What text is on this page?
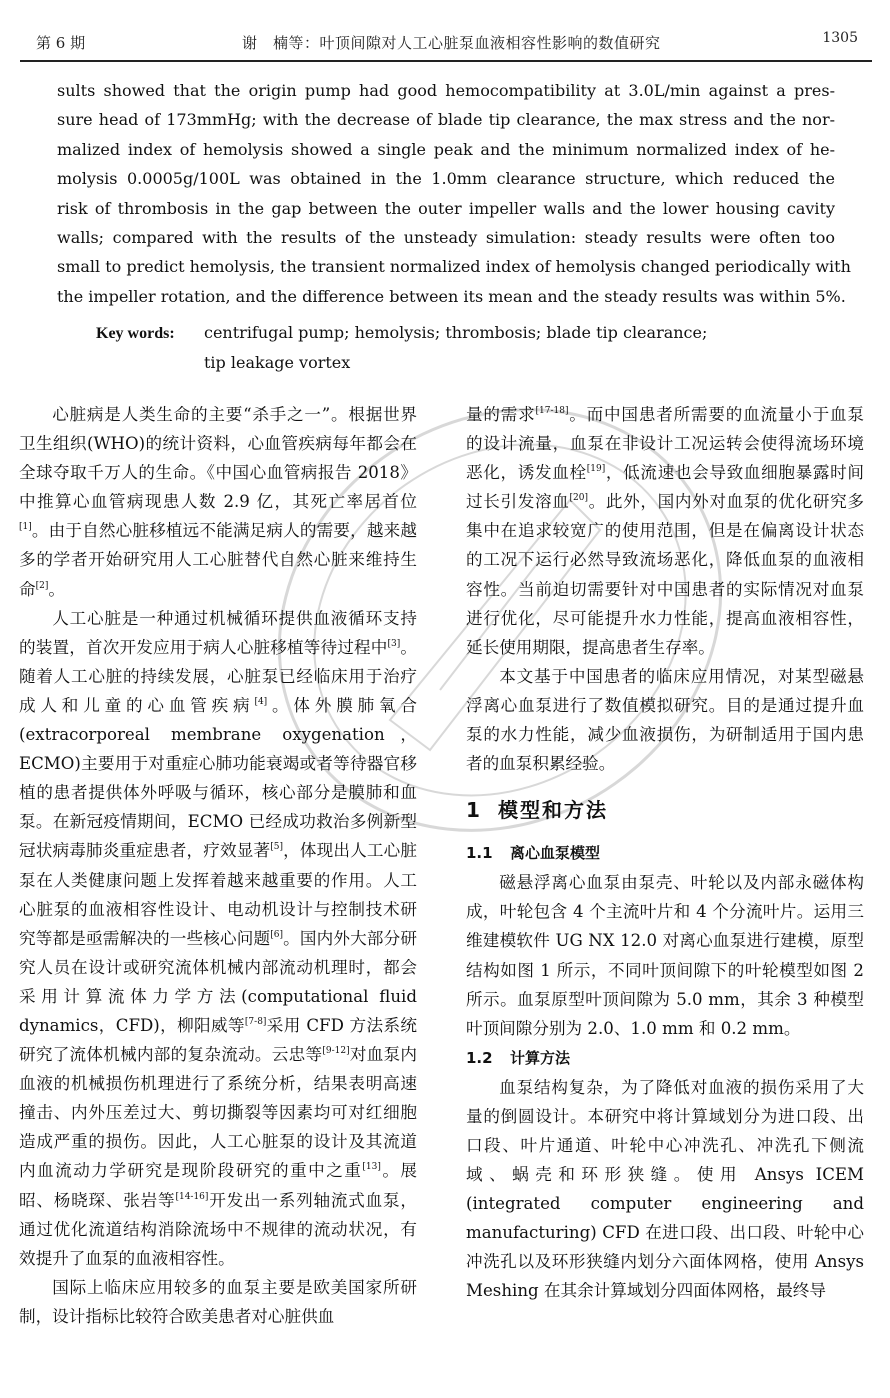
第 6 期	谢　楠等：叶顶间隙对人工心脏泵血液相容性影响的数值研究	1305
sults showed that the origin pump had good hemocompatibility at 3.0L/min against a pres-
sure head of 173mmHg; with the decrease of blade tip clearance, the max stress and the nor-
malized index of hemolysis showed a single peak and the minimum normalized index of he-
molysis 0.0005g/100L was obtained in the 1.0mm clearance structure, which reduced the
risk of thrombosis in the gap between the outer impeller walls and the lower housing cavity
walls; compared with the results of the unsteady simulation: steady results were often too
small to predict hemolysis, the transient normalized index of hemolysis changed periodically with
the impeller rotation, and the difference between its mean and the steady results was within 5%.
Key words: centrifugal pump; hemolysis; thrombosis; blade tip clearance;
tip leakage vortex

心脏病是人类生命的主要“杀手之一”。根据世界卫生组织(WHO)的统计资料，心血管疾病每年都会在全球夺取千万人的生命。《中国心血管病报告 2018》中推算心血管病现患人数 2.9 亿，其死亡率居首位[1]。由于自然心脏移植远不能满足病人的需要，越来越多的学者开始研究用人工心脏替代自然心脏来维持生命[2]。

人工心脏是一种通过机械循环提供血液循环支持的装置，首次开发应用于病人心脏移植等待过程中[3]。随着人工心脏的持续发展，心脏泵已经临床用于治疗成人和儿童的心血管疾病[4]。体外膜肺氧合(extracorporeal membrane oxygenation，ECMO)主要用于对重症心肺功能衰竭或者等待器官移植的患者提供体外呼吸与循环，核心部分是膜肺和血泵。在新冠疫情期间，ECMO 已经成功救治多例新型冠状病毒肺炎重症患者，疗效显著[5]，体现出人工心脏泵在人类健康问题上发挥着越来越重要的作用。人工心脏泵的血液相容性设计、电动机设计与控制技术研究等都是亟需解决的一些核心问题[6]。国内外大部分研究人员在设计或研究流体机械内部流动机理时，都会采用计算流体力学方法(computational fluid dynamics，CFD)，柳阳威等[7-8]采用 CFD 方法系统研究了流体机械内部的复杂流动。云忠等[9-12]对血泵内血液的机械损伤机理进行了系统分析，结果表明高速撞击、内外压差过大、剪切撕裂等因素均可对红细胞造成严重的损伤。因此，人工心脏泵的设计及其流道内血流动力学研究是现阶段研究的重中之重[13]。展昭、杨晓琛、张岩等[14-16]开发出一系列轴流式血泵，通过优化流道结构消除流场中不规律的流动状况，有效提升了血泵的血液相容性。

国际上临床应用较多的血泵主要是欧美国家所研制，设计指标比较符合欧美患者对心脏供血

量的需求[17-18]。而中国患者所需要的血流量小于血泵的设计流量，血泵在非设计工况运转会使得流场环境恶化，诱发血栓[19]，低流速也会导致血细胞暴露时间过长引发溶血[20]。此外，国内外对血泵的优化研究多集中在追求较宽广的使用范围，但是在偏离设计状态的工况下运行必然导致流场恶化，降低血泵的血液相容性。当前迫切需要针对中国患者的实际情况对血泵进行优化，尽可能提升水力性能，提高血液相容性，延长使用期限，提高患者生存率。

本文基于中国患者的临床应用情况，对某型磁悬浮离心血泵进行了数值模拟研究。目的是通过提升血泵的水力性能，减少血液损伤，为研制适用于国内患者的血泵积累经验。

1 模型和方法
1.1 离心血泵模型

磁悬浮离心血泵由泵壳、叶轮以及内部永磁体构成，叶轮包含 4 个主流叶片和 4 个分流叶片。运用三维建模软件 UG NX 12.0 对离心血泵进行建模，原型结构如图 1 所示，不同叶顶间隙下的叶轮模型如图 2 所示。血泵原型叶顶间隙为 5.0 mm，其余 3 种模型叶顶间隙分别为 2.0、1.0 mm 和 0.2 mm。

1.2 计算方法

血泵结构复杂，为了降低对血液的损伤采用了大量的倒圆设计。本研究中将计算域划分为进口段、出口段、叶片通道、叶轮中心冲洗孔、冲洗孔下侧流域、蜗壳和环形狭缝。使用 Ansys ICEM (integrated computer engineering and manufacturing) CFD 在进口段、出口段、叶轮中心冲洗孔以及环形狭缝内划分六面体网格，使用 Ansys Meshing 在其余计算域划分四面体网格，最终导
